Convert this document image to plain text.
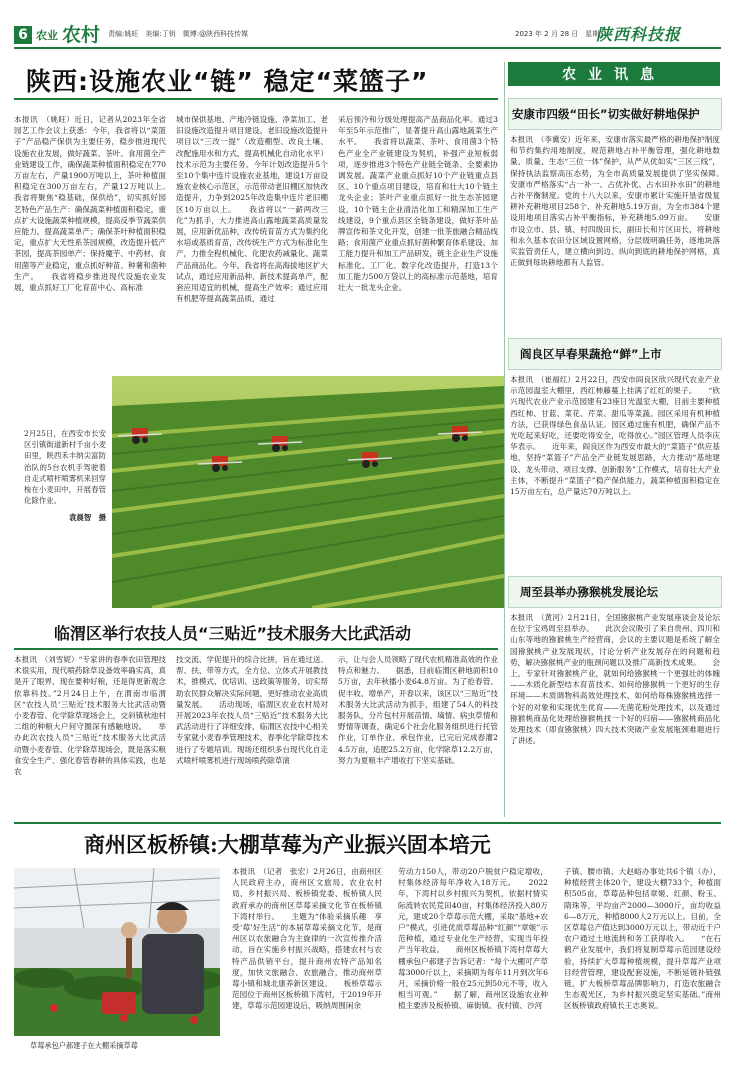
6 农业 农村 责编:姚旺　美编:丁钥　微博:@陕西科技传媒	2023 年 2 月 28 日　星期二
陕西科技报
陕西:设施农业“链” 稳定“菜篮子”
本报讯　（姚旺）近日，记者从2023年全省园艺工作会议上获悉：今年，我省将以“菜篮子”产品稳产保供为主要任务，稳步推进现代设施农业发展，做好蔬菜、茶叶、食用菌全产业链建设工作，确保蔬菜种植面积稳定在770万亩左右，产量1900万吨以上，茶叶种植面积稳定在300万亩左右，产量12万吨以上。　　我省将聚焦“稳基础，保供给”，切实抓好园艺特色产品生产：确保蔬菜种植面积稳定，重点扩大设施蔬菜种植规模，提高反季节蔬菜供应能力，提高蔬菜单产；确保茶叶种植面积稳定，重点扩大无性系茶园规模，改造提升低产茶园，提高茶园单产；保持魔芋、中药材、食用菌等产业稳定，重点抓好种苗、种薯和菌种生产。　　我省将稳步推进现代设施农业发展，重点抓好工厂化育苗中心、高标准
城市保供基地、产地冷链设施、净菜加工、老旧设施改造提升项目建设。老旧设施改造提升项目以“三改一提”（改造棚型、改良土壤、改配施用水和方式、提高机械化自动化水平）技术示范为主要任务。今年计划改造提升5个至10个集中连片设施农业基地，建设1万亩设施农业核心示范区，示范带动老旧棚区加快改造提升，力争到2025年改造集中连片老旧棚区10万亩以上。　　我省将以“一薪两改三化”为抓手，大力推进高山露地蔬菜高质量发展，应用新优品种，改传统育苗方式为集约化水培或基质育苗，改传统生产方式为标准化生产，力推全程机械化、化肥农药减量化、蔬菜产品商品化。今年，我省将在高海拔地区扩大试点，通过应用新品种、新技术提高单产，配套应用适宜的机械，提高生产效率；通过应用有机肥等提高蔬菜品质，通过
采后预冷和分级处理提高产品商品化率。通过3年至5年示范推广，显著提升高山露地蔬菜生产水平。　　我省将以蔬菜、茶叶、食用菌3个特色产业全产业链建设为契机，补强产业短板弱项，逐步推进3个特色产业链全链条、全要素协调发展。蔬菜产业重点抓好10个产业链重点县区、10个重点项目建设，培育和壮大10个链主龙头企业；茶叶产业重点抓好一批生态茶园建设，10个链主企业清洁化加工和精深加工生产线建设，9个重点县区全链条建设，做好茶叶品牌宣传和茶文化开发，创建一批茶旅融合精品线路；食用菌产业重点抓好菌种繁育体系建设、加工能力提升和加工产品研发，链主企业生产设施标准化、工厂化、数字化改造提升，打造13个加工能力500万袋以上的高标准示范基地，培育壮大一批龙头企业。
2月25日，在西安市长安区引镇街道新村千亩小麦田里，陕西禾丰纳尖富防治队的5台农机手驾驶着自走式喷杆喷雾机来回穿梭在小麦田中，开展春管化除作业。
袁晨智　摄
临渭区举行农技人员“三贴近”技术服务大比武活动
本报讯　（刘雪妮）“专家讲的春季农田管理技术很实用，现代喷药除草设备效率确实高，真是开了眼界，现在要种好粮，还是得更新观念依靠科技。”2月24日上午，在渭南市临渭区“农技人员‘三贴近’技术服务大比武活动暨小麦春管、化学除草现场会上，交斜镇秋池村二组的种粮大户何守圈深有感触地说。　　举办此次农技人员“三贴近”技术服务大比武活动暨小麦春管、化学除草现场会，既是落实粮食安全生产、强化春管春耕的具体实践，也是农
技交流、学促提升的综合比拼，旨在通过送、帮、扶、带等方式，全方位、立体式开展教技术，推模式、优培训、送政策等服务，切实帮助农民群众解决实际问题，更好推动农业高质量发展。　　活动现场，临渭区农业农村局对开展2023年农技人员“三贴近”技术服务大比武活动进行了详细安排，临渭区农技中心相关专家就小麦春季管理技术、春季化学除草技术进行了专题培训。现场还组织多台现代化自走式喷杆喷雾机进行现场喷药除草演
示，让与会人员领略了现代农机精准高效的作业特点和魅力。　　据悉，目前临渭区耕地面积105万亩，去年秋播小麦64.8万亩。为了抢春管、促丰收、增单产，开春以来，该区以“三贴近”技术服务大比武活动为抓手，组建了54人的科技服务队，分片包村开展苗情、墒情、病虫草情和野情等调查，确定6个社会化服务组织进行托管作业，订单作业、承包作业，已完后完成春灌24.5万亩，追肥25.2万亩，化学除草12.2万亩，努力为夏粮丰产增收打下坚实基础。
商州区板桥镇:大棚草莓为产业振兴固本培元
草莓承包户郝建子在大棚采摘草莓
本报讯　（记者　张宏）2月26日，由商州区人民政府主办，商州区文旅局、农业农村局、乡村振兴局、板桥镇党委、板桥镇人民政府承办的商州区草莓采摘文化节在板桥镇下湾村举行。　　主题为“体验采摘乐趣　享受‘莓’好生活”的本届草莓采摘文化节，是商州区以农旅融合为主旋律的一次宣传推介活动，旨在实施乡村振兴战略，搭建农村与农特产品供销平台，提升商州农特产品知名度，加快文旅融合、农旅融合，推动商州草莓小镇和城北康养新区建设。　　板桥草莓示范园位于商州区板桥镇下湾村，于2019年开建，草莓示范园建设后，吸纳周围闲余
劳动力150人，带动20户脱贫户稳定增收，村集体经济每年净收入18万元。　　2022年，下湾村以乡村振兴为契机，依据村情实际流转农民荒田40亩，村集体经济投入80万元，建成20个草莓示范大棚，采取“基地+农户”模式，引进优质草莓品种“红颜”“章姬”示范种植，通过专业化生产经营，实现当年投产当年收益。　　商州区板桥镇下湾村草莓大棚承包户郝建子告诉记者：“每个大棚可产草莓3000斤以上，采摘期为每年11月到次年6月，采摘价格一般在25元到50元不等，收入相当可观。”　　据了解，商州区设施农业种植主要涉及板桥镇、麻街镇、夜村镇、沙河
子镇、腰市镇、大赵峪办事处共6个镇（办），种植经营主体20个，建设大棚733个，种植面积505亩，草莓品种包括章姬、红颜、粉玉、隋珠等，平均亩产2000—3000斤，亩均收益6—8万元，种植8000人2万元以上。目前，全区草莓总产值达到3000万元以上，带动近千户农户通过土地流转和务工获得收入。　　“在石鹤产业发展中，我们将复制草莓示范园建设经验，持续扩大草莓种植规模，提升草莓产业项目经营管理，建设配套设施，不断延链补链强链，扩大板桥草莓品牌影响力，打造农旅融合生态观光区，为乡村振兴奠定坚实基础。”商州区板桥镇政府镇长王志奥说。
农业讯息
安康市四级“田长”切实做好耕地保护
本报讯　（李冀安）近年来，安康市落实最严格的耕地保护制度和节约集约用地制度，规范耕地占补平衡管理，强化耕地数量、质量、生态“三位一体”保护，从严从优如实“三区三线”，保持执法监察高压态势，为全市高质量发展提供了坚实保障。　　安康市严格落实“占一补一、占优补优、占水田补水田”的耕地占补平衡制度。党的十八大以来，安康市累计实施开垦省级复耕补充耕地项目258个、补充耕地5.19万亩，为全市384个建设用地项目落实占补平衡指标，补充耕地5.09万亩。　　安康市设立市、县、镇、村四级田长，副田长和片区田长，将耕地和永久基本农田分区域设置网格，分层级明确任务，逐地块落实监管责任人，建立横向到边、纵向到底的耕地保护网格，真正做到每块耕地都有人监管。
阎良区早春果蔬抢“鲜”上市
本报讯　（崔福红）2月22日，西安市阎良区欣兴现代农业产业示范园温室大棚里，西红柿藤蔓上挂满了红红的果子。　　“欣兴现代农业产业示范园建有23座日光温室大棚，目前主要种植西红柿、甘蓝、菜花、芹菜、甜瓜等菜蔬。园区采用有机种植方法，已获得绿色食品认证。园区通过施有机肥，确保产品不光吃起来好吃，还要吃得安全，吃得放心。”园区管理人员李庆华表示。　　近年来，阎良区作为西安市最大的“菜篮子”供应基地，坚持“菜篮子”产品全产业链发展思路，大力推动“基地建设、龙头带动、项目支撑、创新服务”工作模式，培育壮大产业主体，不断提升“菜篮子”稳产保供能力，蔬菜种植面积稳定在15万亩左右，总产量达70万吨以上。
周至县举办猕猴桃发展论坛
本报讯　（黄河）2月21日，全国猕猴桃产业发展座谈会及论坛在位于宝鸡周至县举办。　　此次会议吸引了来自贵州、四川和山东等地的猕猴桃生产经营商，会议的主要议题是系统了解全国猕猴桃产业发展现状，讨论分析产业发展存在的问题和趋势，解决猕猴桃产业的瓶颈问题以及推广高新技术成果。　　会上，专家针对猕猴桃产业，就如何给猕猴桃一个更强壮的体魄——木质化新型结木育苗技术、如何给猕猴桃一个更好的生存环境——木质调物科高效处理技术、如何给每株猕猴桃选择一个好的对象和实现优生优育——无菌花粉处理技术，以及通过猕猴桃商品化处理给猕猴桃找一个好的归宿——猕猴桃商品化处理技术（即食猕猴桃）四大技术突破产业发展瓶颈难题进行了讲述。
